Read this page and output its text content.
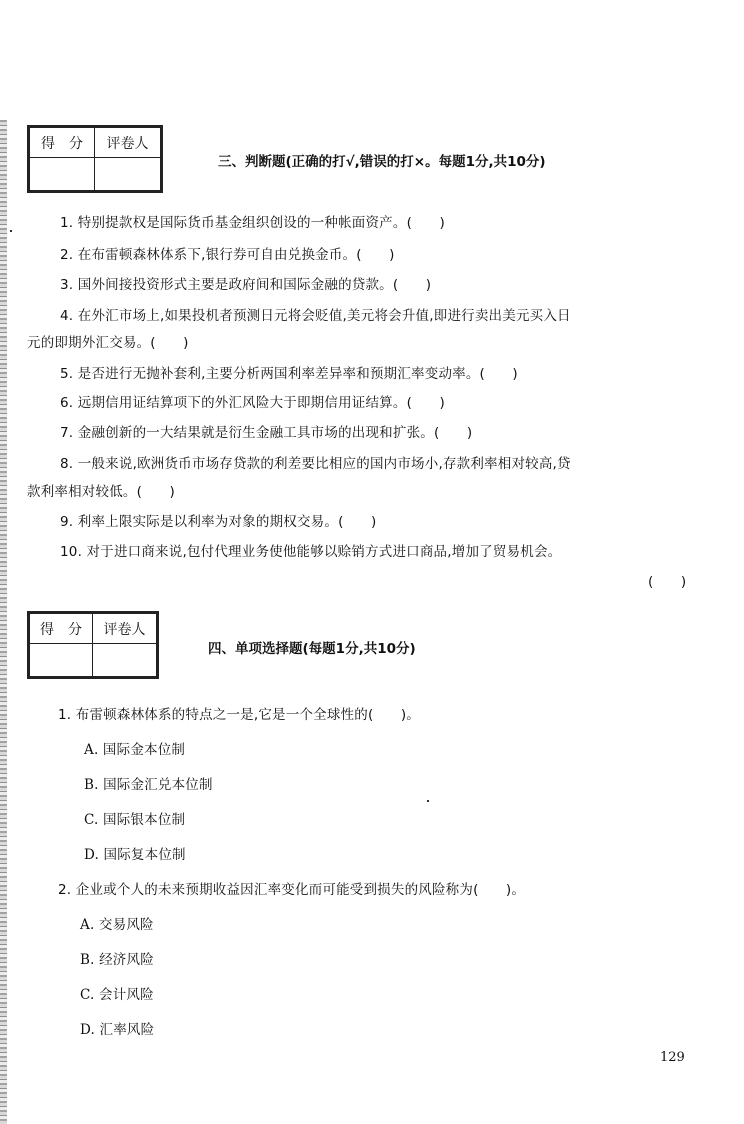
得　分	评卷人

三、判断题(正确的打√,错误的打×。每题1分,共10分)
1. 特别提款权是国际货币基金组织创设的一种帐面资产。(　　)
2. 在布雷顿森林体系下,银行券可自由兑换金币。(　　)
3. 国外间接投资形式主要是政府间和国际金融的贷款。(　　)
4. 在外汇市场上,如果投机者预测日元将会贬值,美元将会升值,即进行卖出美元买入日
元的即期外汇交易。(　　)
5. 是否进行无抛补套利,主要分析两国利率差异率和预期汇率变动率。(　　)
6. 远期信用证结算项下的外汇风险大于即期信用证结算。(　　)
7. 金融创新的一大结果就是衍生金融工具市场的出现和扩张。(　　)
8. 一般来说,欧洲货币市场存贷款的利差要比相应的国内市场小,存款利率相对较高,贷
款利率相对较低。(　　)
9. 利率上限实际是以利率为对象的期权交易。(　　)
10. 对于进口商来说,包付代理业务使他能够以赊销方式进口商品,增加了贸易机会。
(　　)
得　分	评卷人

四、单项选择题(每题1分,共10分)
1. 布雷顿森林体系的特点之一是,它是一个全球性的(　　)。
A. 国际金本位制
B. 国际金汇兑本位制
C. 国际银本位制
D. 国际复本位制
2. 企业或个人的未来预期收益因汇率变化而可能受到损失的风险称为(　　)。
A. 交易风险
B. 经济风险
C. 会计风险
D. 汇率风险
129
